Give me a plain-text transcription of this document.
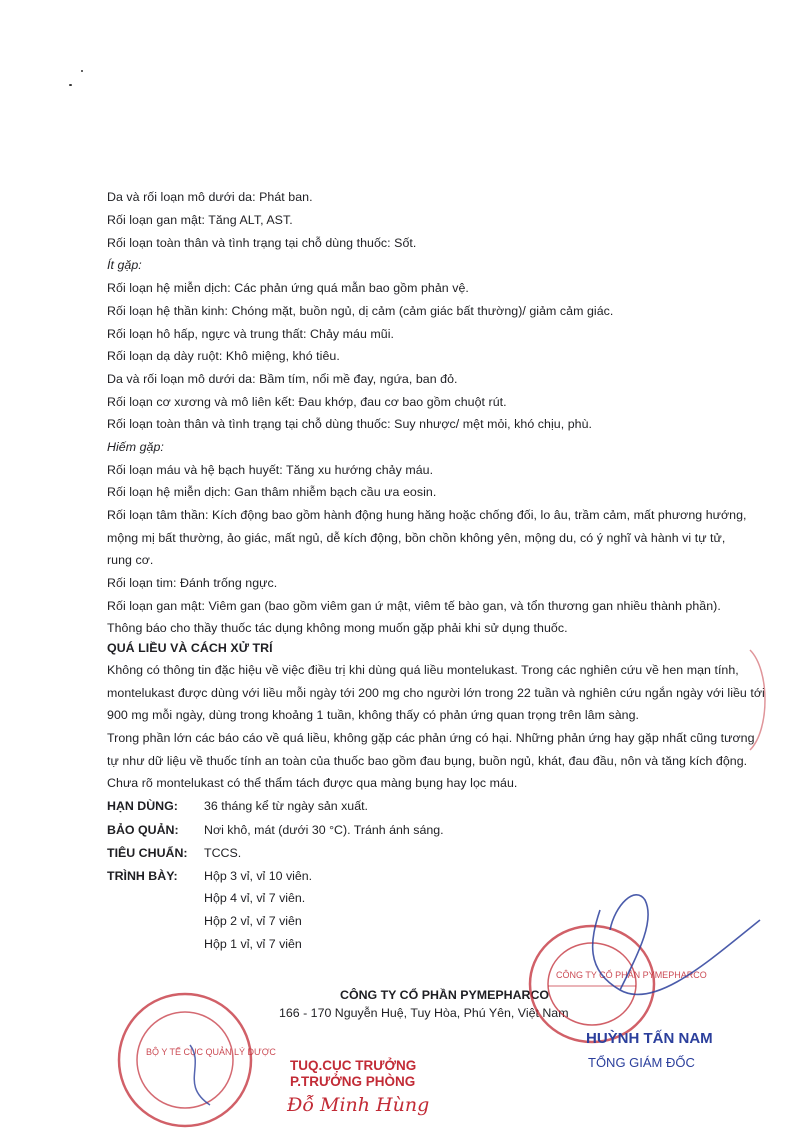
Da và rối loạn mô dưới da: Phát ban.
Rối loạn gan mật: Tăng ALT, AST.
Rối loạn toàn thân và tình trạng tại chỗ dùng thuốc: Sốt.
Ít gặp:
Rối loạn hệ miễn dịch: Các phản ứng quá mẫn bao gồm phản vệ.
Rối loạn hệ thần kinh: Chóng mặt, buồn ngủ, dị cảm (cảm giác bất thường)/ giảm cảm giác.
Rối loạn hô hấp, ngực và trung thất: Chảy máu mũi.
Rối loạn dạ dày ruột: Khô miệng, khó tiêu.
Da và rối loạn mô dưới da: Bầm tím, nổi mề đay, ngứa, ban đỏ.
Rối loạn cơ xương và mô liên kết: Đau khớp, đau cơ bao gồm chuột rút.
Rối loạn toàn thân và tình trạng tại chỗ dùng thuốc: Suy nhược/ mệt mỏi, khó chịu, phù.
Hiếm gặp:
Rối loạn máu và hệ bạch huyết: Tăng xu hướng chảy máu.
Rối loạn hệ miễn dịch: Gan thâm nhiễm bạch cầu ưa eosin.
Rối loạn tâm thần: Kích động bao gồm hành động hung hăng hoặc chống đối, lo âu, trầm cảm, mất phương hướng,
mộng mị bất thường, ảo giác, mất ngủ, dễ kích động, bồn chồn không yên, mộng du, có ý nghĩ và hành vi tự tử,
rung cơ.
Rối loạn tim: Đánh trống ngực.
Rối loạn gan mật: Viêm gan (bao gồm viêm gan ứ mật, viêm tế bào gan, và tổn thương gan nhiều thành phần).
Thông báo cho thầy thuốc tác dụng không mong muốn gặp phải khi sử dụng thuốc.
QUÁ LIỀU VÀ CÁCH XỬ TRÍ
Không có thông tin đặc hiệu về việc điều trị khi dùng quá liều montelukast. Trong các nghiên cứu về hen mạn tính,
montelukast được dùng với liều mỗi ngày tới 200 mg cho người lớn trong 22 tuần và nghiên cứu ngắn ngày với liều tới
900 mg mỗi ngày, dùng trong khoảng 1 tuần, không thấy có phản ứng quan trọng trên lâm sàng.
Trong phần lớn các báo cáo về quá liều, không gặp các phản ứng có hại. Những phản ứng hay gặp nhất cũng tương
tự như dữ liệu về thuốc tính an toàn của thuốc bao gồm đau bụng, buồn ngủ, khát, đau đầu, nôn và tăng kích động.
Chưa rõ montelukast có thể thẩm tách được qua màng bụng hay lọc máu.
HẠN DÙNG: 36 tháng kể từ ngày sản xuất.
BẢO QUẢN: Nơi khô, mát (dưới 30 °C). Tránh ánh sáng.
TIÊU CHUẨN: TCCS.
TRÌNH BÀY: Hộp 3 vỉ, vỉ 10 viên.
Hộp 4 vỉ, vỉ 7 viên.
Hộp 2 vỉ, vỉ 7 viên
Hộp 1 vỉ, vỉ 7 viên
CÔNG TY CỔ PHẦN PYMEPHARCO
166 - 170 Nguyễn Huệ, Tuy Hòa, Phú Yên, Việt Nam
CÔNG TY CỔ PHẦN PYMEPHARCO
HUỲNH TẤN NAM
TỔNG GIÁM ĐỐC
BỘ Y TẾ CỤC QUẢN LÝ DƯỢC
TUQ.CỤC TRƯỞNG
P.TRƯỞNG PHÒNG
Đỗ Minh Hùng
